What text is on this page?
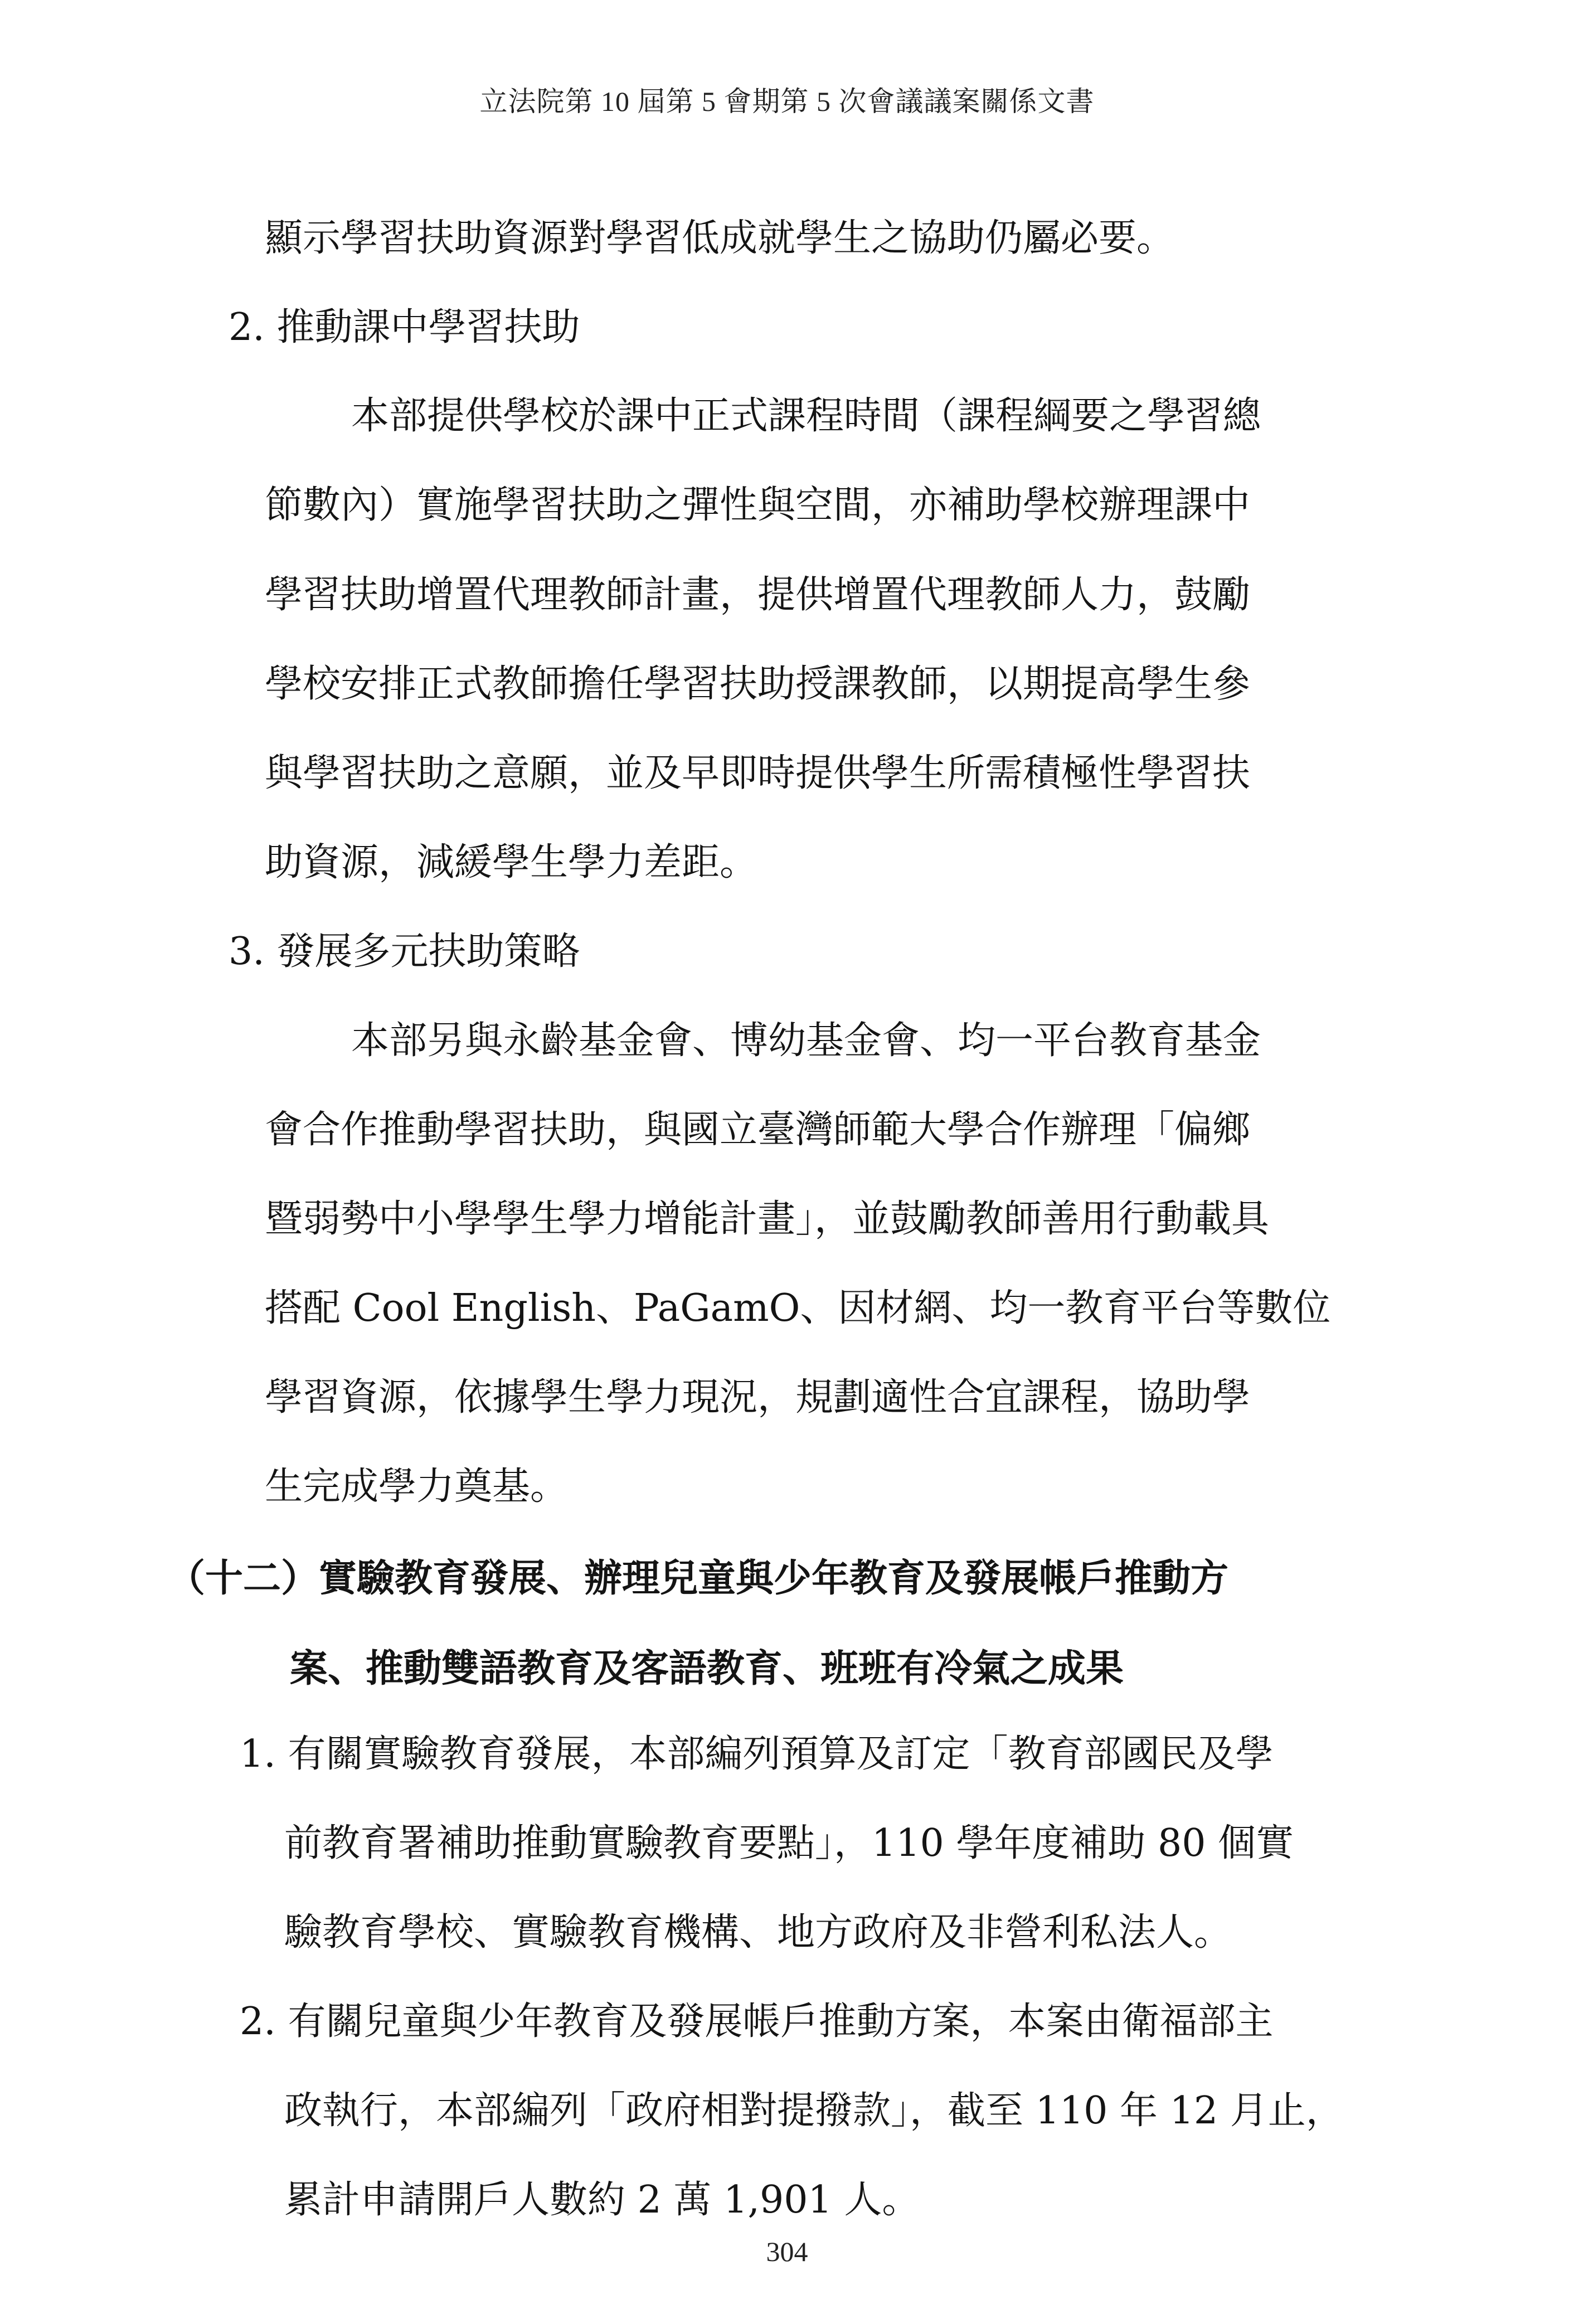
立法院第 10 屆第 5 會期第 5 次會議議案關係文書

顯示學習扶助資源對學習低成就學生之協助仍屬必要。

2. 推動課中學習扶助

本部提供學校於課中正式課程時間（課程綱要之學習總

節數內）實施學習扶助之彈性與空間，亦補助學校辦理課中

學習扶助增置代理教師計畫，提供增置代理教師人力，鼓勵

學校安排正式教師擔任學習扶助授課教師，以期提高學生參

與學習扶助之意願，並及早即時提供學生所需積極性學習扶

助資源，減緩學生學力差距。

3. 發展多元扶助策略

本部另與永齡基金會、博幼基金會、均一平台教育基金

會合作推動學習扶助，與國立臺灣師範大學合作辦理「偏鄉

暨弱勢中小學學生學力增能計畫」，並鼓勵教師善用行動載具

搭配 Cool English、PaGamO、因材網、均一教育平台等數位

學習資源，依據學生學力現況，規劃適性合宜課程，協助學

生完成學力奠基。

（十二）實驗教育發展、辦理兒童與少年教育及發展帳戶推動方

案、推動雙語教育及客語教育、班班有冷氣之成果

1. 有關實驗教育發展，本部編列預算及訂定「教育部國民及學

前教育署補助推動實驗教育要點」，110 學年度補助 80 個實

驗教育學校、實驗教育機構、地方政府及非營利私法人。

2. 有關兒童與少年教育及發展帳戶推動方案，本案由衛福部主

政執行，本部編列「政府相對提撥款」，截至 110 年 12 月止，

累計申請開戶人數約 2 萬 1,901 人。

304
